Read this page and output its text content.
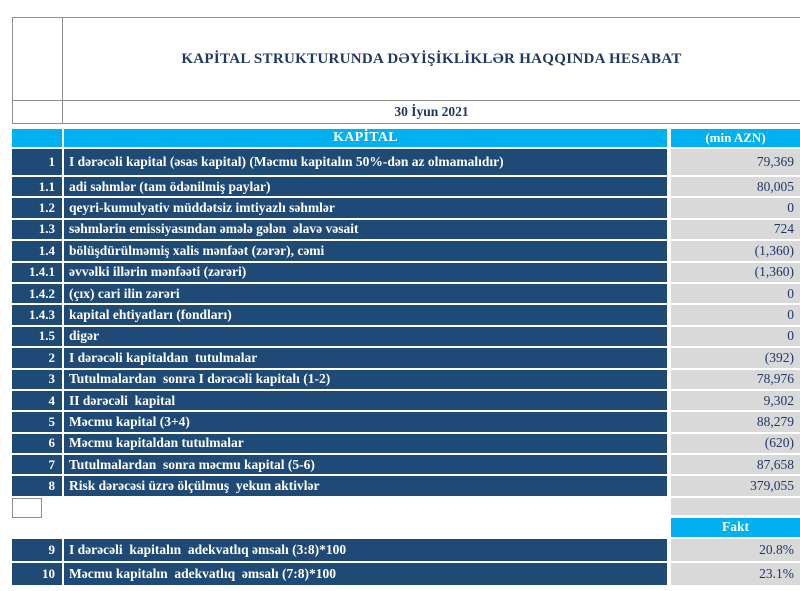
KAPİTAL STRUKTURUNDA DƏYİŞİKLİKLƏR HAQQINDA HESABAT
30 İyun 2021
KAPİTAL	(min AZN)
1	I dərəcəli kapital (əsas kapital) (Məcmu kapitalın 50%-dən az olmamalıdır)	79,369
1.1	adi səhmlər (tam ödənilmiş paylar)	80,005
1.2	qeyri-kumulyativ müddətsiz imtiyazlı səhmlər	0
1.3	səhmlərin emissiyasından əmələ gələn  əlavə vəsait	724
1.4	bölüşdürülməmiş xalis mənfəət (zərər), cəmi	(1,360)
1.4.1	əvvəlki illərin mənfəəti (zərəri)	(1,360)
1.4.2	(çıx) cari ilin zərəri	0
1.4.3	kapital ehtiyatları (fondları)	0
1.5	digər	0
2	I dərəcəli kapitaldan  tutulmalar	(392)
3	Tutulmalardan  sonra I dərəcəli kapitalı (1-2)	78,976
4	II dərəcəli  kapital	9,302
5	Məcmu kapital (3+4)	88,279
6	Məcmu kapitaldan tutulmalar	(620)
7	Tutulmalardan  sonra məcmu kapital (5-6)	87,658
8	Risk dərəcəsi üzrə ölçülmuş  yekun aktivlər	379,055
Fakt
9	I dərəcəli  kapitalın  adekvatlıq əmsalı (3:8)*100	20.8%
10	Məcmu kapitalın  adekvatlıq  əmsalı (7:8)*100	23.1%
